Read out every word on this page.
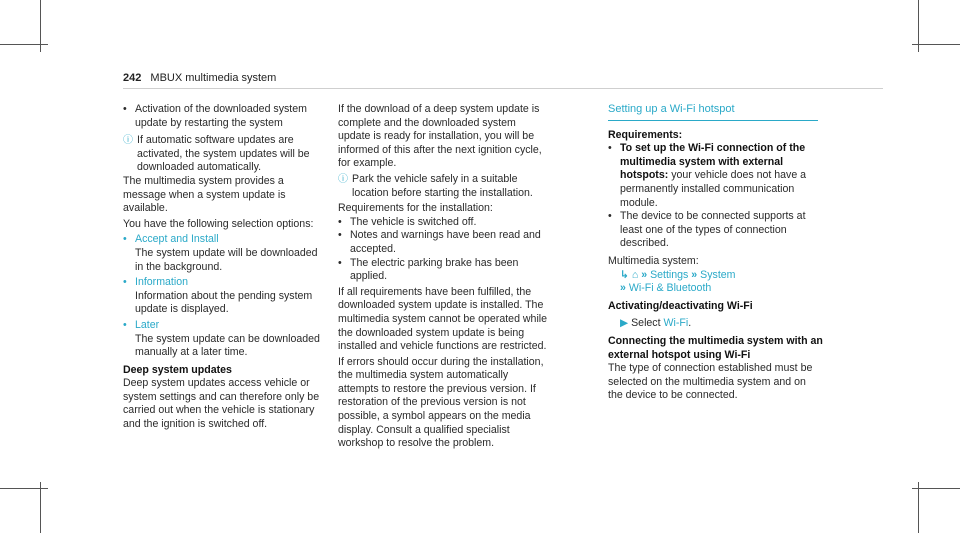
242 MBUX multimedia system

• Activation of the downloaded system update by restarting the system

ⓘ If automatic software updates are activated, the system updates will be downloaded automatically.

The multimedia system provides a message when a system update is available.

You have the following selection options:

• Accept and Install

The system update will be downloaded in the background.

• Information

Information about the pending system update is displayed.

• Later

The system update can be downloaded manually at a later time.

Deep system updates

Deep system updates access vehicle or system settings and can therefore only be carried out when the vehicle is stationary and the ignition is switched off.

If the download of a deep system update is complete and the downloaded system update is ready for installation, you will be informed of this after the next ignition cycle, for example.

ⓘ Park the vehicle safely in a suitable location before starting the installation.

Requirements for the installation:

• The vehicle is switched off.

• Notes and warnings have been read and accepted.

• The electric parking brake has been applied.

If all requirements have been fulfilled, the downloaded system update is installed. The multimedia system cannot be operated while the downloaded system update is being installed and vehicle functions are restricted.

If errors should occur during the installation, the multimedia system automatically attempts to restore the previous version. If restoration of the previous version is not possible, a symbol appears on the media display. Consult a qualified specialist workshop to resolve the problem.

Setting up a Wi-Fi hotspot

Requirements:

• To set up the Wi-Fi connection of the multimedia system with external hotspots: your vehicle does not have a permanently installed communication module.

• The device to be connected supports at least one of the types of connection described.

Multimedia system:

↳ ⌂ » Settings » System

» Wi-Fi & Bluetooth

Activating/deactivating Wi-Fi

▶ Select Wi-Fi.

Connecting the multimedia system with an external hotspot using Wi-Fi

The type of connection established must be selected on the multimedia system and on the device to be connected.
